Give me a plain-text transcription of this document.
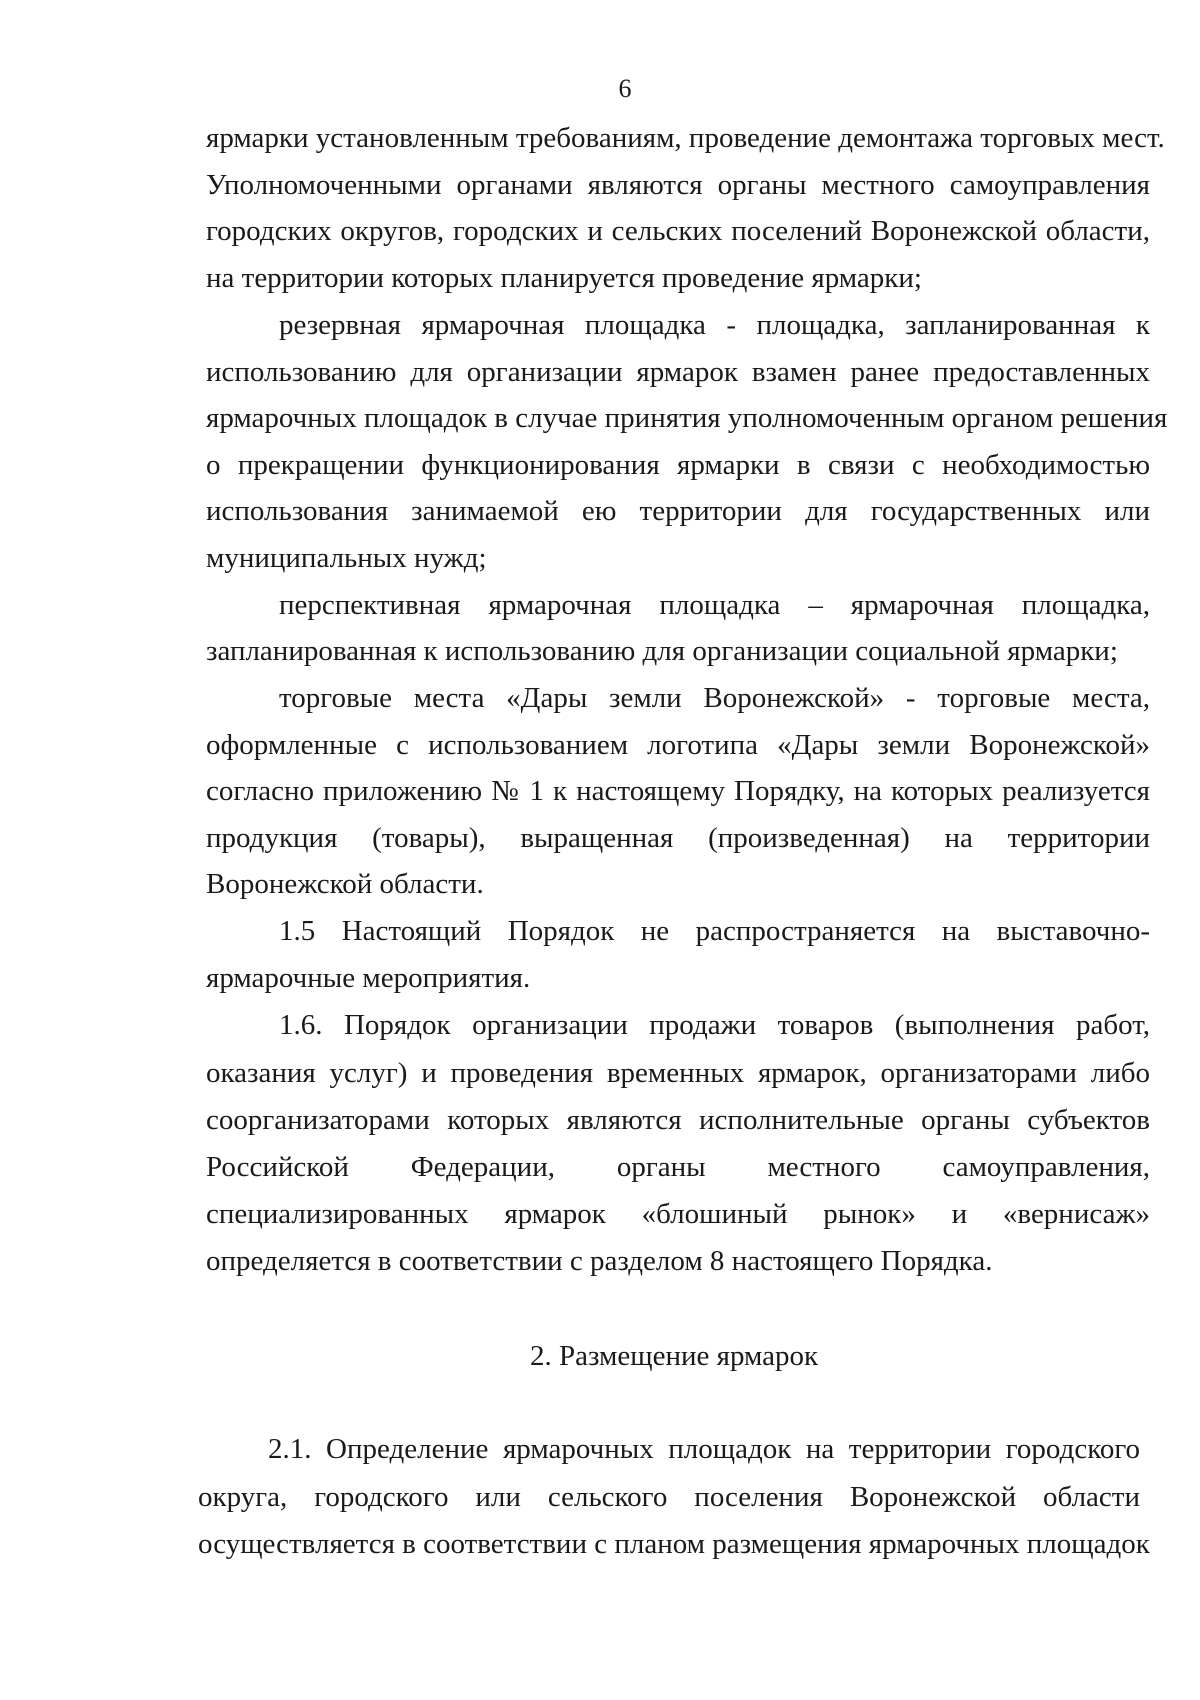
6
ярмарки установленным требованиям, проведение демонтажа торговых мест.
Уполномоченными органами являются органы местного самоуправления
городских округов, городских и сельских поселений Воронежской области,
на территории которых планируется проведение ярмарки;
резервная ярмарочная площадка - площадка, запланированная к
использованию для организации ярмарок взамен ранее предоставленных
ярмарочных площадок в случае принятия уполномоченным органом решения
о прекращении функционирования ярмарки в связи с необходимостью
использования занимаемой ею территории для государственных или
муниципальных нужд;
перспективная ярмарочная площадка – ярмарочная площадка,
запланированная к использованию для организации социальной ярмарки;
торговые места «Дары земли Воронежской» - торговые места,
оформленные с использованием логотипа «Дары земли Воронежской»
согласно приложению № 1 к настоящему Порядку, на которых реализуется
продукция (товары), выращенная (произведенная) на территории
Воронежской области.
1.5 Настоящий Порядок не распространяется на выставочно-
ярмарочные мероприятия.
1.6. Порядок организации продажи товаров (выполнения работ,
оказания услуг) и проведения временных ярмарок, организаторами либо
соорганизаторами которых являются исполнительные органы субъектов
Российской Федерации, органы местного самоуправления,
специализированных ярмарок «блошиный рынок» и «вернисаж»
определяется в соответствии с разделом 8 настоящего Порядка.
2. Размещение ярмарок
2.1. Определение ярмарочных площадок на территории городского
округа, городского или сельского поселения Воронежской области
осуществляется в соответствии с планом размещения ярмарочных площадок
